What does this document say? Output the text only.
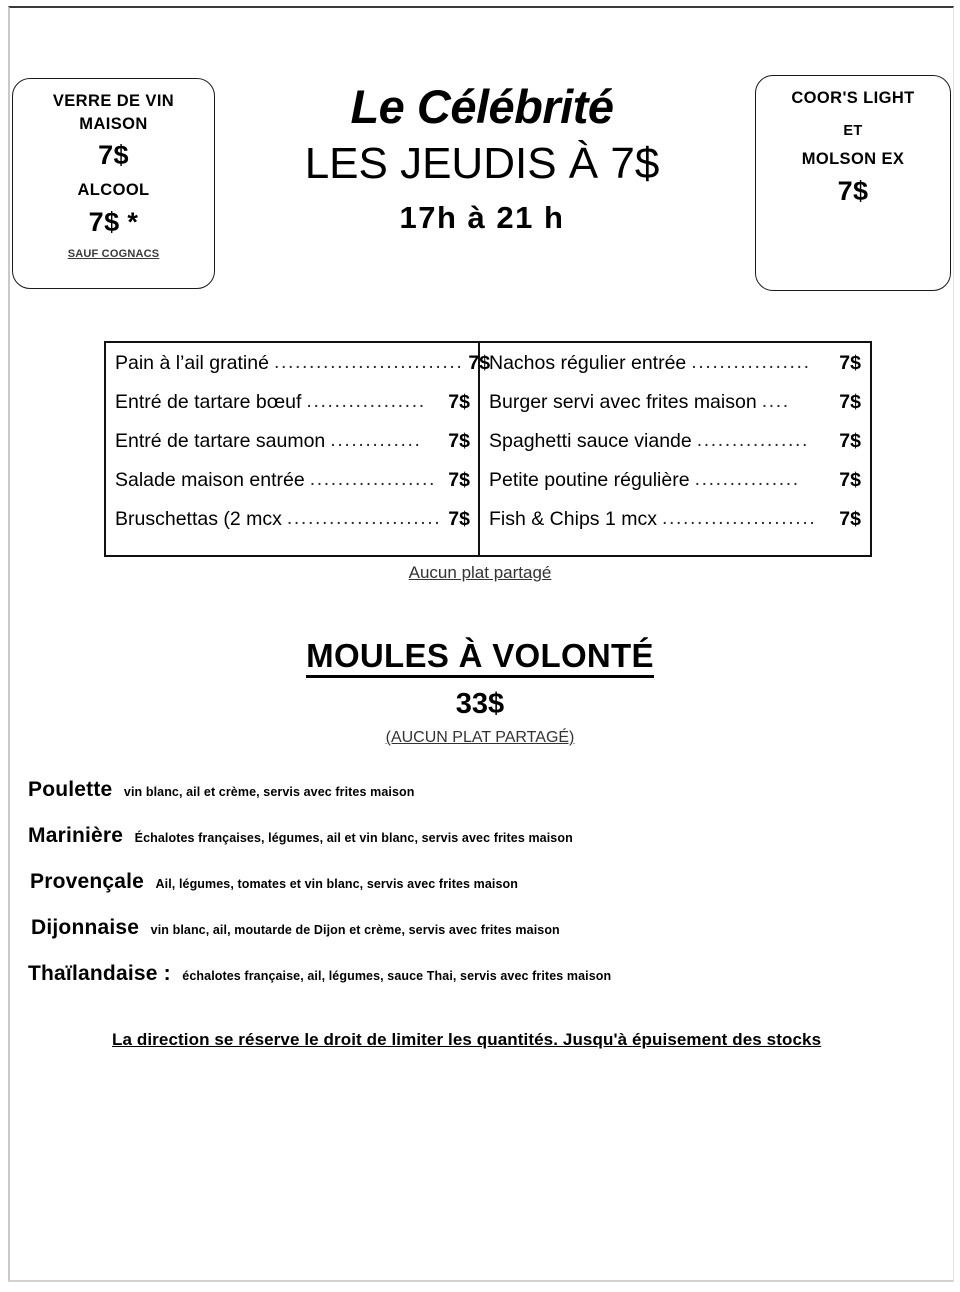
VERRE DE VIN
MAISON
7$
ALCOOL
7$ *
SAUF COGNACS
Le Célébrité
LES JEUDIS À 7$
17h à 21 h
COOR'S LIGHT
ET
MOLSON EX
7$
Pain à l’ail gratiné ........................... 7$
Entré de tartare bœuf .................	7$
Entré de tartare saumon .............	7$
Salade maison entrée .................. 7$
Bruschettas (2 mcx ...................... 7$
Nachos régulier entrée .................	7$
Burger servi avec frites maison ....	7$
Spaghetti sauce viande ................	7$
Petite poutine régulière ...............	7$
Fish & Chips 1 mcx ......................	7$
Aucun plat partagé
MOULES À VOLONTÉ
33$
(AUCUN PLAT PARTAGÉ)
Poulette vin blanc, ail et crème, servis avec frites maison
Marinière Échalotes françaises, légumes, ail et vin blanc, servis avec frites maison
Provençale Ail, légumes, tomates et vin blanc, servis avec frites maison
Dijonnaise vin blanc, ail, moutarde de Dijon et crème, servis avec frites maison
Thaïlandaise : échalotes française, ail, légumes, sauce Thai, servis avec frites maison
La direction se réserve le droit de limiter les quantités. Jusqu'à épuisement des stocks
